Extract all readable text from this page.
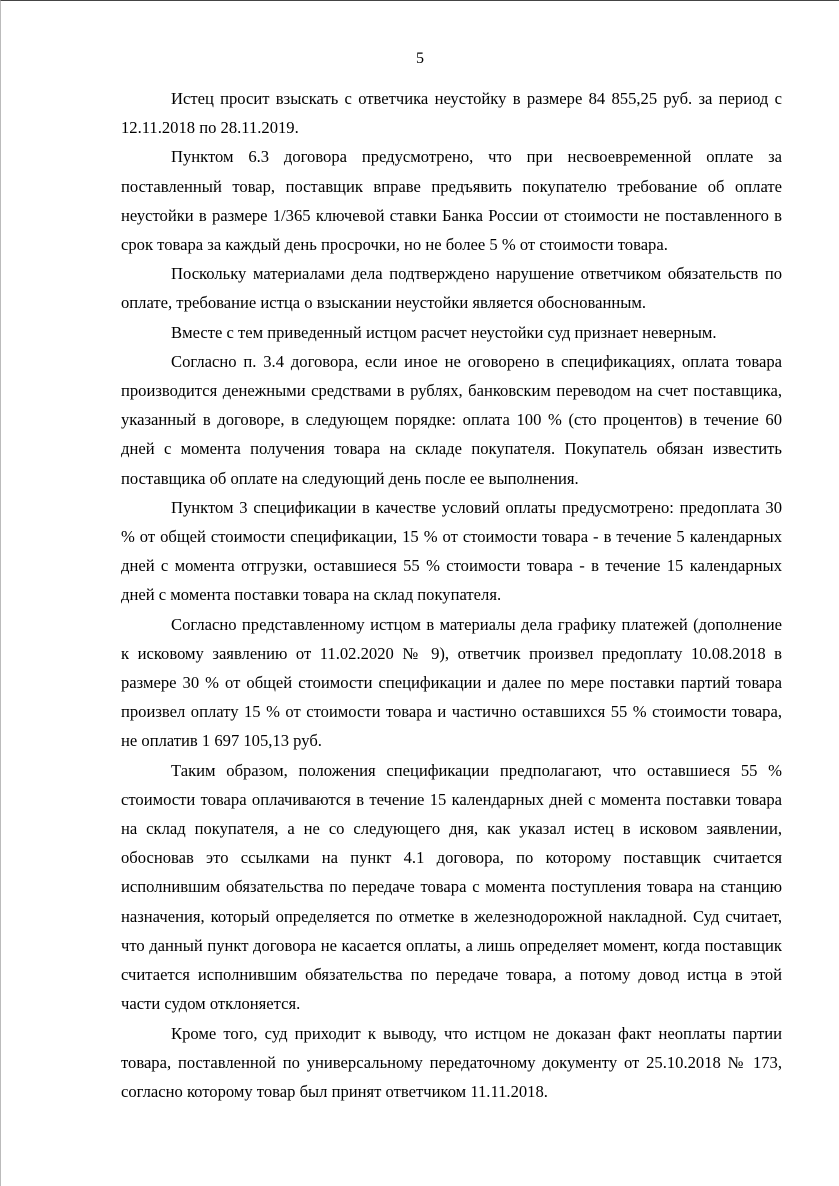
5

Истец просит взыскать с ответчика неустойку в размере 84 855,25 руб. за период с 12.11.2018 по 28.11.2019.

Пунктом 6.3 договора предусмотрено, что при несвоевременной оплате за поставленный товар, поставщик вправе предъявить покупателю требование об оплате неустойки в размере 1/365 ключевой ставки Банка России от стоимости не поставленного в срок товара за каждый день просрочки, но не более 5 % от стоимости товара.

Поскольку материалами дела подтверждено нарушение ответчиком обязательств по оплате, требование истца о взыскании неустойки является обоснованным.

Вместе с тем приведенный истцом расчет неустойки суд признает неверным.

Согласно п. 3.4 договора, если иное не оговорено в спецификациях, оплата товара производится денежными средствами в рублях, банковским переводом на счет поставщика, указанный в договоре, в следующем порядке: оплата 100 % (сто процентов) в течение 60 дней с момента получения товара на складе покупателя. Покупатель обязан известить поставщика об оплате на следующий день после ее выполнения.

Пунктом 3 спецификации в качестве условий оплаты предусмотрено: предоплата 30 % от общей стоимости спецификации, 15 % от стоимости товара - в течение 5 календарных дней с момента отгрузки, оставшиеся 55 % стоимости товара - в течение 15 календарных дней с момента поставки товара на склад покупателя.

Согласно представленному истцом в материалы дела графику платежей (дополнение к исковому заявлению от 11.02.2020 № 9), ответчик произвел предоплату 10.08.2018 в размере 30 % от общей стоимости спецификации и далее по мере поставки партий товара произвел оплату 15 % от стоимости товара и частично оставшихся 55 % стоимости товара, не оплатив 1 697 105,13 руб.

Таким образом, положения спецификации предполагают, что оставшиеся 55 % стоимости товара оплачиваются в течение 15 календарных дней с момента поставки товара на склад покупателя, а не со следующего дня, как указал истец в исковом заявлении, обосновав это ссылками на пункт 4.1 договора, по которому поставщик считается исполнившим обязательства по передаче товара с момента поступления товара на станцию назначения, который определяется по отметке в железнодорожной накладной. Суд считает, что данный пункт договора не касается оплаты, а лишь определяет момент, когда поставщик считается исполнившим обязательства по передаче товара, а потому довод истца в этой части судом отклоняется.

Кроме того, суд приходит к выводу, что истцом не доказан факт неоплаты партии товара, поставленной по универсальному передаточному документу от 25.10.2018 № 173, согласно которому товар был принят ответчиком 11.11.2018.
